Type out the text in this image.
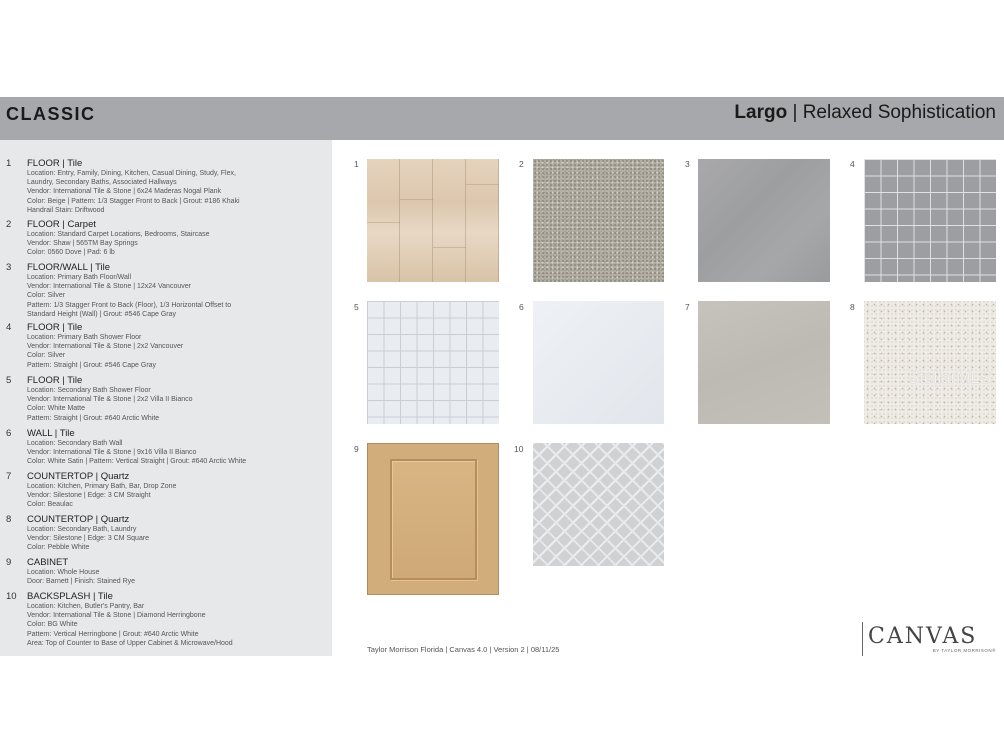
CLASSIC	Largo | Relaxed Sophistication
1 FLOOR | Tile
Location: Entry, Family, Dining, Kitchen, Casual Dining, Study, Flex,
Laundry, Secondary Baths, Associated Hallways
Vendor: International Tile & Stone | 6x24 Maderas Nogal Plank
Color: Beige | Pattern: 1/3 Stagger Front to Back | Grout: #186 Khaki
Handrail Stain: Driftwood
2 FLOOR | Carpet
Location: Standard Carpet Locations, Bedrooms, Staircase
Vendor: Shaw | 565TM Bay Springs
Color: 0560 Dove | Pad: 6 lb
3 FLOOR/WALL | Tile
Location: Primary Bath Floor/Wall
Vendor: International Tile & Stone | 12x24 Vancouver
Color: Silver
Pattern: 1/3 Stagger Front to Back (Floor), 1/3 Horizontal Offset to
Standard Height (Wall) | Grout: #546 Cape Gray
4 FLOOR | Tile
Location: Primary Bath Shower Floor
Vendor: International Tile & Stone | 2x2 Vancouver
Color: Silver
Pattern: Straight | Grout: #546 Cape Gray
5 FLOOR | Tile
Location: Secondary Bath Shower Floor
Vendor: International Tile & Stone | 2x2 Villa II Bianco
Color: White Matte
Pattern: Straight | Grout: #640 Arctic White
6 WALL | Tile
Location: Secondary Bath Wall
Vendor: International Tile & Stone | 9x16 Villa II Bianco
Color: White Satin | Pattern: Vertical Straight | Grout: #640 Arctic White
7 COUNTERTOP | Quartz
Location: Kitchen, Primary Bath, Bar, Drop Zone
Vendor: Silestone | Edge: 3 CM Straight
Color: Beaulac
8 COUNTERTOP | Quartz
Location: Secondary Bath, Laundry
Vendor: Silestone | Edge: 3 CM Square
Color: Pebble White
9 CABINET
Location: Whole House
Door: Barnett | Finish: Stained Rye
10 BACKSPLASH | Tile
Location: Kitchen, Butler's Pantry, Bar
Vendor: International Tile & Stone | Diamond Herringbone
Color: BG White
Pattern: Vertical Herringbone | Grout: #640 Arctic White
Area: Top of Counter to Base of Upper Cabinet & Microwave/Hood
1	2	3	4
5	6	7	8
9	10
StellarMLS
Taylor Morrison Florida | Canvas 4.0 | Version 2 | 08/11/25
CANVAS
BY TAYLOR MORRISON®
